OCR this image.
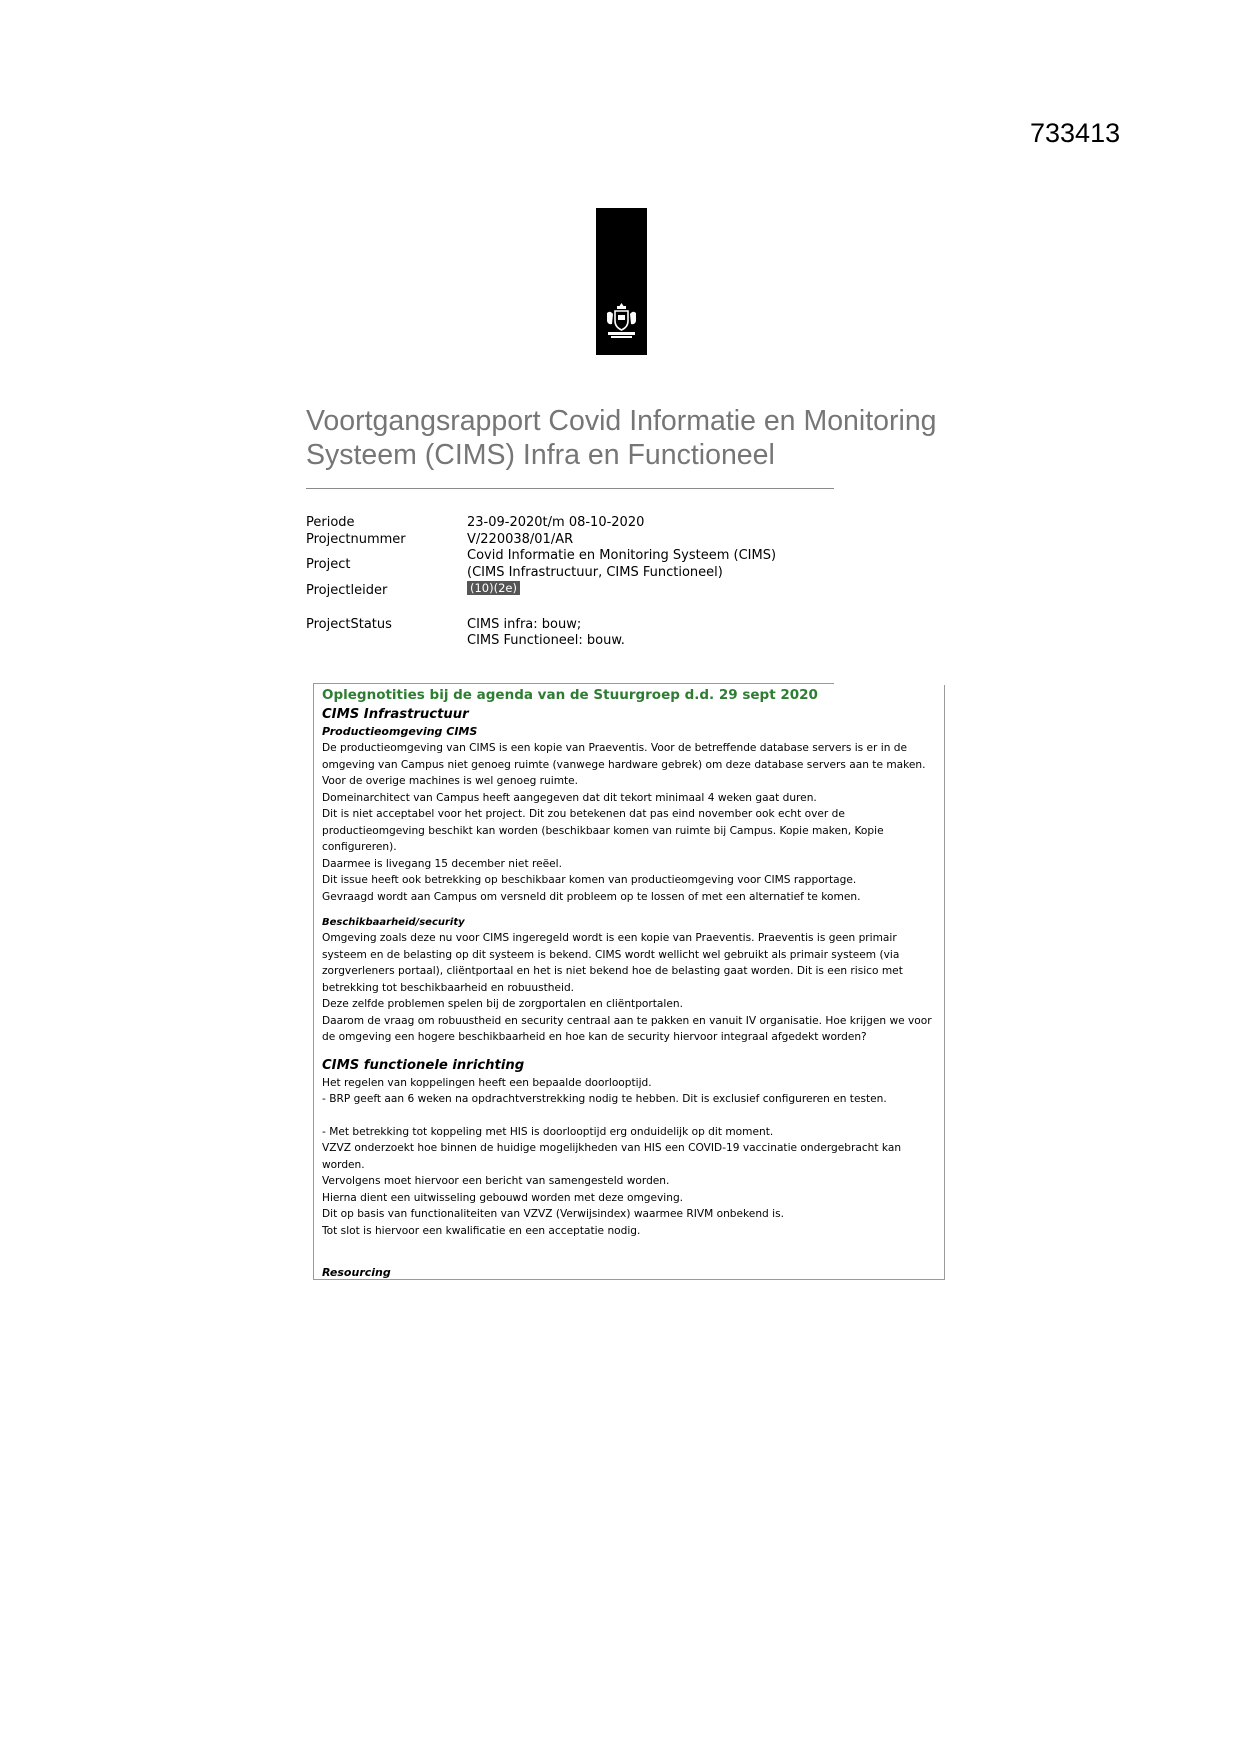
733413
Voortgangsrapport Covid Informatie en Monitoring Systeem (CIMS) Infra en Functioneel
Periode	23-09-2020t/m 08-10-2020
Projectnummer	V/220038/01/AR
Project
Covid Informatie en Monitoring Systeem (CIMS)
(CIMS Infrastructuur, CIMS Functioneel)
Projectleider	(10)(2e)
ProjectStatus	CIMS infra: bouw;
CIMS Functioneel: bouw.

Oplegnotities bij de agenda van de Stuurgroep d.d. 29 sept 2020

CIMS Infrastructuur

Productieomgeving CIMS

De productieomgeving van CIMS is een kopie van Praeventis. Voor de betreffende database servers is er in de omgeving van Campus niet genoeg ruimte (vanwege hardware gebrek) om deze database servers aan te maken. Voor de overige machines is wel genoeg ruimte.

Domeinarchitect van Campus heeft aangegeven dat dit tekort minimaal 4 weken gaat duren.

Dit is niet acceptabel voor het project. Dit zou betekenen dat pas eind november ook echt over de productieomgeving beschikt kan worden (beschikbaar komen van ruimte bij Campus. Kopie maken, Kopie configureren).

Daarmee is livegang 15 december niet reëel.

Dit issue heeft ook betrekking op beschikbaar komen van productieomgeving voor CIMS rapportage.

Gevraagd wordt aan Campus om versneld dit probleem op te lossen of met een alternatief te komen.

Beschikbaarheid/security

Omgeving zoals deze nu voor CIMS ingeregeld wordt is een kopie van Praeventis. Praeventis is geen primair systeem en de belasting op dit systeem is bekend. CIMS wordt wellicht wel gebruikt als primair systeem (via zorgverleners portaal), cliëntportaal en het is niet bekend hoe de belasting gaat worden. Dit is een risico met betrekking tot beschikbaarheid en robuustheid.

Deze zelfde problemen spelen bij de zorgportalen en cliëntportalen.

Daarom de vraag om robuustheid en security centraal aan te pakken en vanuit IV organisatie. Hoe krijgen we voor de omgeving een hogere beschikbaarheid en hoe kan de security hiervoor integraal afgedekt worden?

CIMS functionele inrichting

Het regelen van koppelingen heeft een bepaalde doorlooptijd.

- BRP geeft aan 6 weken na opdrachtverstrekking nodig te hebben. Dit is exclusief configureren en testen.

- Met betrekking tot koppeling met HIS is doorlooptijd erg onduidelijk op dit moment.

VZVZ onderzoekt hoe binnen de huidige mogelijkheden van HIS een COVID-19 vaccinatie ondergebracht kan worden.

Vervolgens moet hiervoor een bericht van samengesteld worden.

Hierna dient een uitwisseling gebouwd worden met deze omgeving.

Dit op basis van functionaliteiten van VZVZ (Verwijsindex) waarmee RIVM onbekend is.

Tot slot is hiervoor een kwalificatie en een acceptatie nodig.

Resourcing
